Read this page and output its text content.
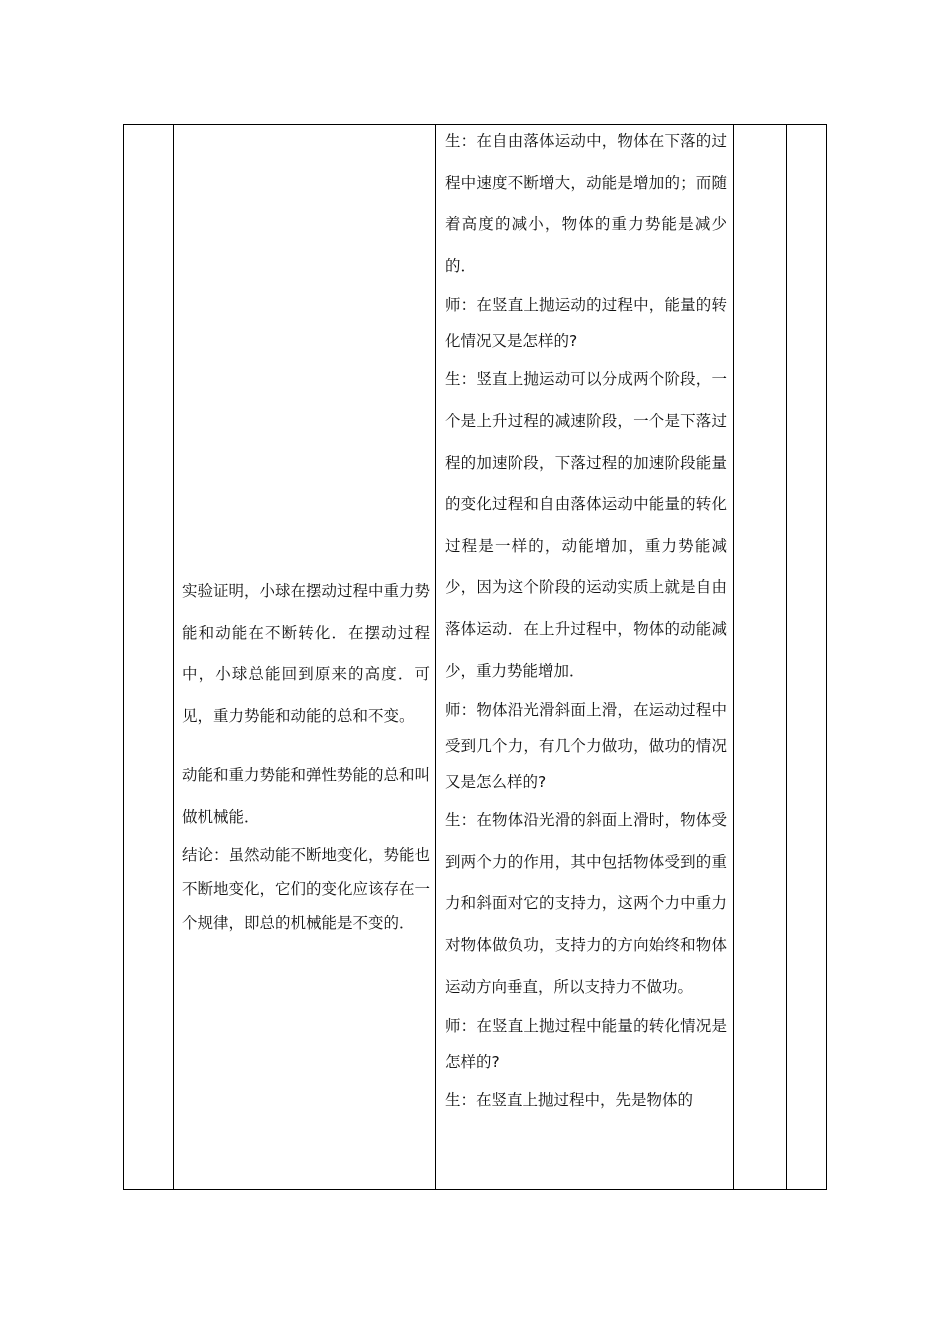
实验证明，小球在摆动过程中重力势能和动能在不断转化．在摆动过程中，小球总能回到原来的高度．可见，重力势能和动能的总和不变。

动能和重力势能和弹性势能的总和叫做机械能．

结论：虽然动能不断地变化，势能也不断地变化，它们的变化应该存在一个规律，即总的机械能是不变的．

生：在自由落体运动中，物体在下落的过程中速度不断增大，动能是增加的；而随着高度的减小，物体的重力势能是减少的．

师：在竖直上抛运动的过程中，能量的转化情况又是怎样的?

生：竖直上抛运动可以分成两个阶段，一个是上升过程的减速阶段，一个是下落过程的加速阶段，下落过程的加速阶段能量的变化过程和自由落体运动中能量的转化过程是一样的，动能增加，重力势能减少，因为这个阶段的运动实质上就是自由落体运动．在上升过程中，物体的动能减少，重力势能增加．

师：物体沿光滑斜面上滑，在运动过程中受到几个力，有几个力做功，做功的情况又是怎么样的?

生：在物体沿光滑的斜面上滑时，物体受到两个力的作用，其中包括物体受到的重力和斜面对它的支持力，这两个力中重力对物体做负功，支持力的方向始终和物体运动方向垂直，所以支持力不做功。

师：在竖直上抛过程中能量的转化情况是怎样的?

生：在竖直上抛过程中，先是物体的
